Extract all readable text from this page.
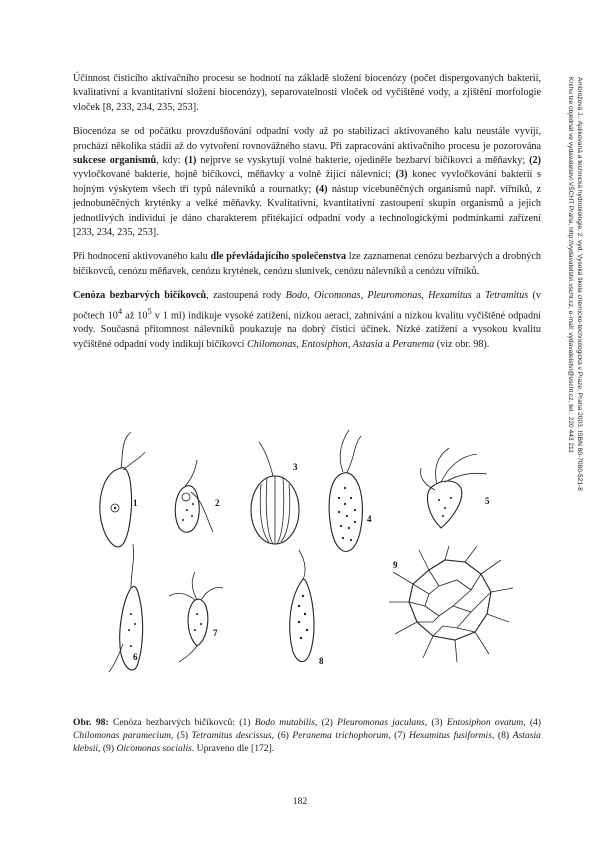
Ambrožová J.: Aplikovaná a technická hydrobiologie. 2. vyd. Vysoká škola chemicko-technologická v Praze, Praha 2003. ISBN 80-7080-521-8
Knihu lze objednat ve vydavatelství VŠCHT Praha, http://vydavatelstvi.vscht.cz, e-mail: vydavatelstvi@vscht.cz, tel.: 220 443 211

Účinnost čisticího aktivačního procesu se hodnotí na základě složení biocenózy (počet dispergovaných bakterií, kvalitativní a kvantitativní složení biocenózy), separovatelnosti vloček od vyčištěné vody, a zjištění morfologie vloček [8, 233, 234, 235, 253].

Biocenóza se od počátku provzdušňování odpadní vody až po stabilizaci aktivovaného kalu neustále vyvíjí, prochází několika stádii až do vytvoření rovnovážného stavu. Při zapracování aktivačního procesu je pozorována sukcese organismů, kdy: (1) nejprve se vyskytují volné bakterie, ojediněle bezbarví bičíkovci a měňavky; (2) vyvločkované bakterie, hojně bičíkovci, měňavky a volně žijící nálevníci; (3) konec vyvločkování bakterií s hojným výskytem všech tří typů nálevníků a rournatky; (4) nástup vícebuněčných organismů např. vířníků, z jednobuněčných kryténky a velké měňavky. Kvalitativní, kvantitativní zastoupení skupin organismů a jejich jednotlivých individuí je dáno charakterem přitékající odpadní vody a technologickými podmínkami zařízení [233, 234, 235, 253].

Při hodnocení aktivovaného kalu dle převládajícího společenstva lze zaznamenat cenózu bezbarvých a drobných bičíkovců, cenózu měňavek, cenózu krytének, cenózu slunivek, cenózu nálevníků a cenózu vířníků.

Cenóza bezbarvých bičíkovců, zastoupená rody Bodo, Oicomonas, Pleuromonas, Hexamitus a Tetramitus (v počtech $10^4$ až $10^5$ v 1 ml) indikuje vysoké zatížení, nízkou aeraci, zahnívání a nízkou kvalitu vyčištěné odpadní vody. Současná přítomnost nálevníků poukazuje na dobrý čisticí účinek. Nízké zatížení a vysokou kvalitu vyčištěné odpadní vody indikují bičíkovci Chilomonas, Entosiphon, Astasia a Peranema (viz obr. 98).

1	2
3
4
5
6
7
8
9
Obr. 98: Cenóza bezbarvých bičíkovců: (1) Bodo mutabilis, (2) Pleuromonas jaculans, (3) Entosiphon ovatum, (4) Chilomonas paramecium, (5) Tetramitus descissus, (6) Peranema trichophorum, (7) Hexamitus fusiformis, (8) Astasia klebsii, (9) Oicomonas socialis. Upraveno dle [172].
182
